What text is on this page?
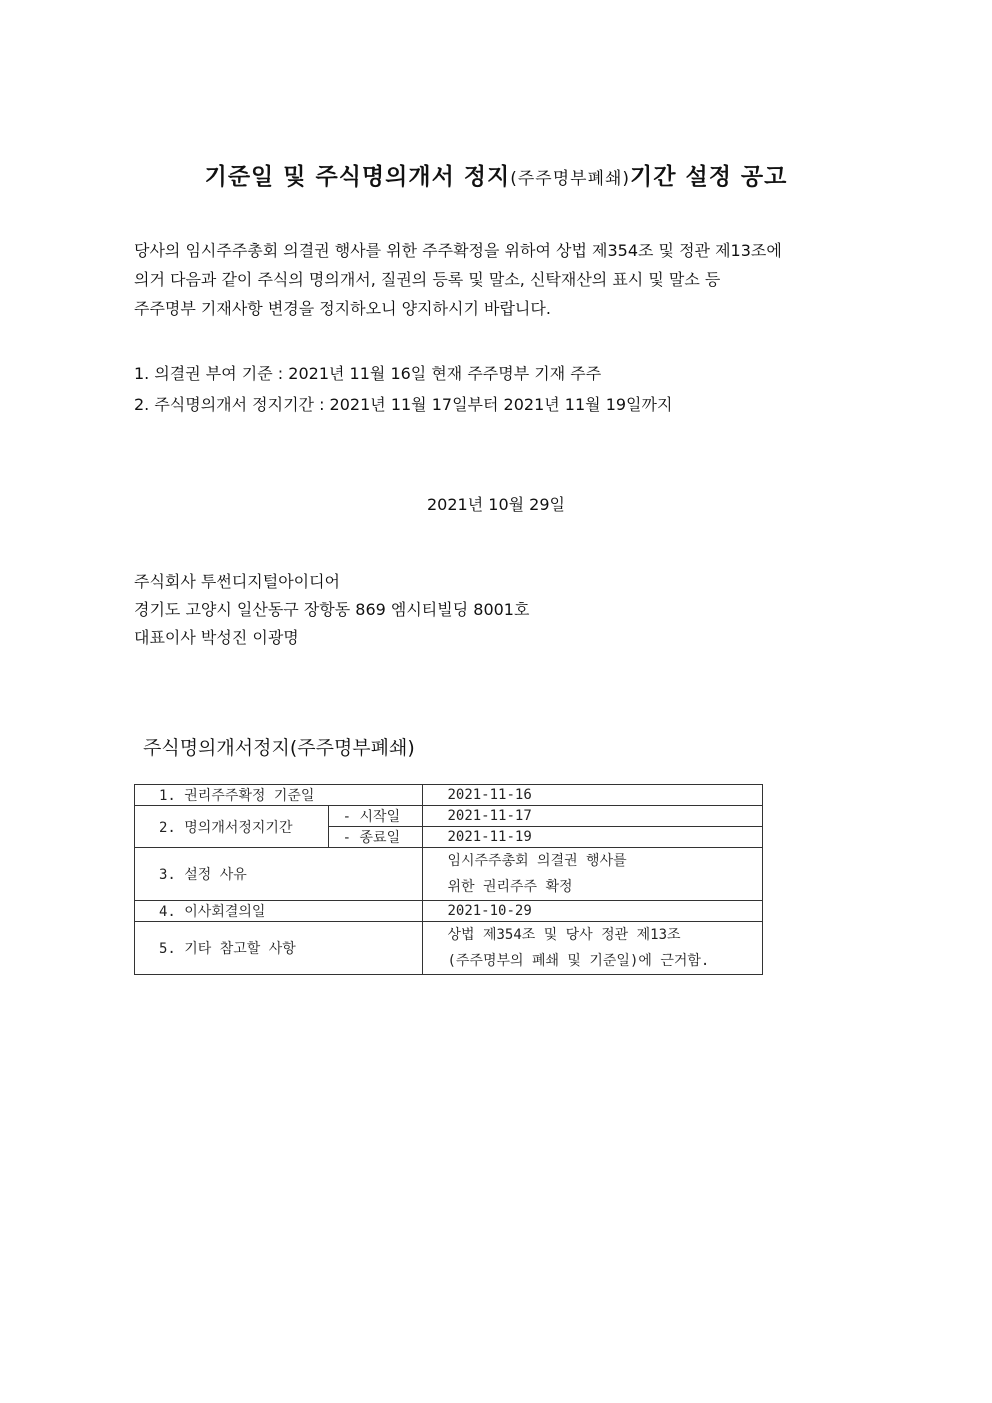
기준일 및 주식명의개서 정지(주주명부폐쇄)기간 설정 공고
당사의 임시주주총회 의결권 행사를 위한 주주확정을 위하여 상법 제354조 및 정관 제13조에
의거 다음과 같이 주식의 명의개서, 질권의 등록 및 말소, 신탁재산의 표시 및 말소 등
주주명부 기재사항 변경을 정지하오니 양지하시기 바랍니다.
1. 의결권 부여 기준 : 2021년 11월 16일 현재 주주명부 기재 주주
2. 주식명의개서 정지기간 : 2021년 11월 17일부터 2021년 11월 19일까지
2021년 10월 29일
주식회사 투썬디지털아이디어
경기도 고양시 일산동구 장항동 869 엠시티빌딩 8001호
대표이사 박성진 이광명
주식명의개서정지(주주명부폐쇄)
1. 권리주주확정 기준일		2021-11-16
2. 명의개서정지기간	- 시작일	2021-11-17
	- 종료일	2021-11-19
3. 설정 사유		임시주주총회 의결권 행사를
위한 권리주주 확정

4. 이사회결의일		2021-10-29
5. 기타 참고할 사항		상법 제354조 및 당사 정관 제13조
(주주명부의 폐쇄 및 기준일)에 근거함.
